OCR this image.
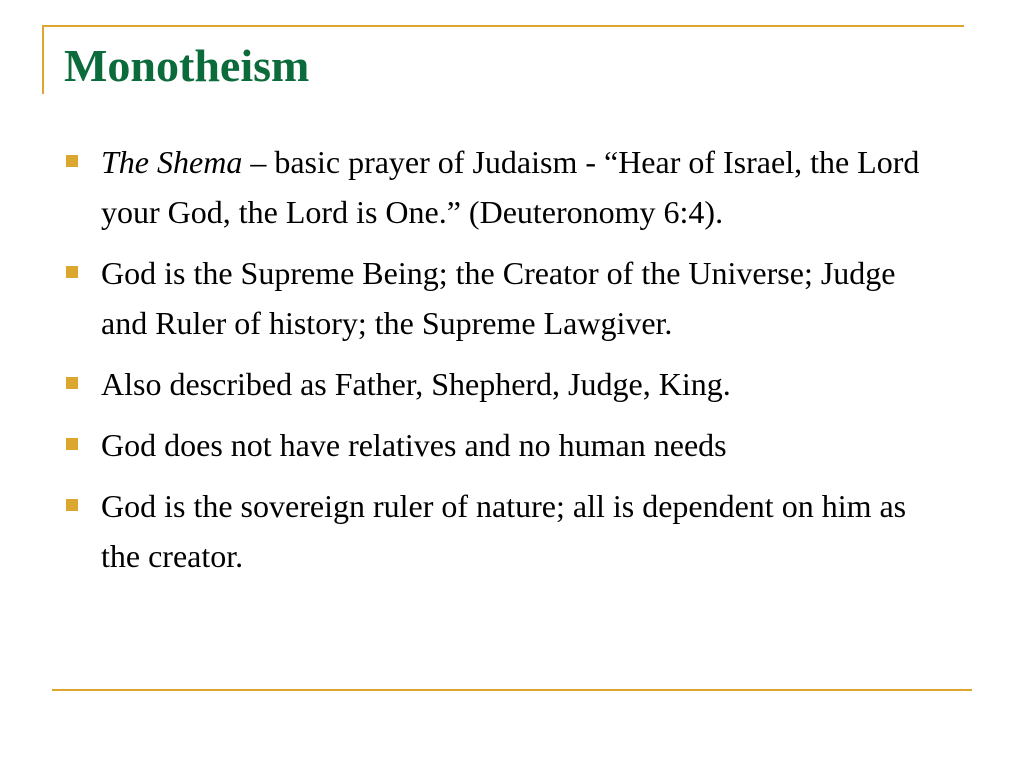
Monotheism
The Shema – basic prayer of Judaism - “Hear of Israel, the Lord your God, the Lord is One.” (Deuteronomy 6:4).
God is the Supreme Being; the Creator of the Universe; Judge and Ruler of history; the Supreme Lawgiver.
Also described as Father, Shepherd, Judge, King.
God does not have relatives and no human needs
God is the sovereign ruler of nature; all is dependent on him as the creator.
